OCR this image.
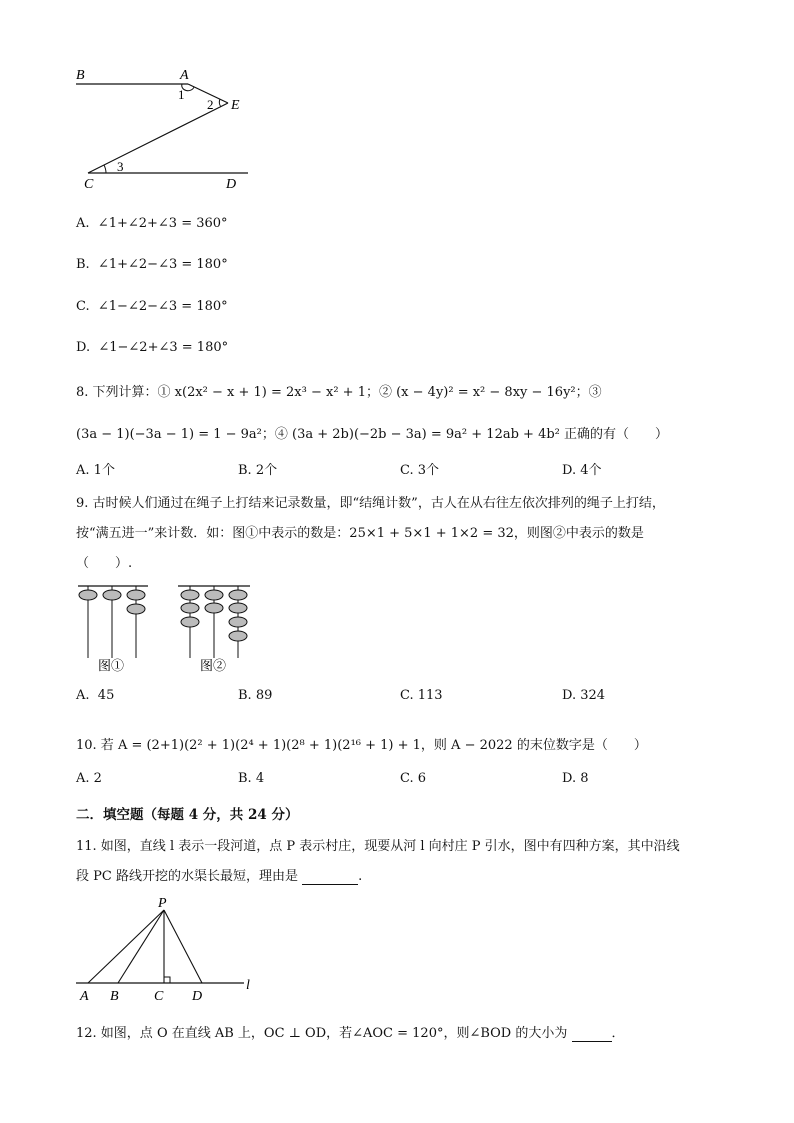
B	A
E
C	D
1
2
3
A. ∠1+∠2+∠3 = 360°
B. ∠1+∠2−∠3 = 180°
C. ∠1−∠2−∠3 = 180°
D. ∠1−∠2+∠3 = 180°
8. 下列计算：① x(2x² − x + 1) = 2x³ − x² + 1；② (x − 4y)² = x² − 8xy − 16y²；③
(3a − 1)(−3a − 1) = 1 − 9a²；④ (3a + 2b)(−2b − 3a) = 9a² + 12ab + 4b² 正确的有（　　）
A. 1个	B. 2个	C. 3个	D. 4个
9. 古时候人们通过在绳子上打结来记录数量，即“结绳计数”，古人在从右往左依次排列的绳子上打结，
按“满五进一”来计数．如：图①中表示的数是：25×1 + 5×1 + 1×2 = 32，则图②中表示的数是
（　　）.
图①	图②
A. 45	B. 89	C. 113	D. 324
10. 若 A = (2+1)(2² + 1)(2⁴ + 1)(2⁸ + 1)(2¹⁶ + 1) + 1，则 A − 2022 的末位数字是（　　）
A. 2	B. 4	C. 6	D. 8
二．填空题（每题 4 分，共 24 分）
11. 如图，直线 l 表示一段河道，点 P 表示村庄，现要从河 l 向村庄 P 引水，图中有四种方案，其中沿线
段 PC 路线开挖的水渠长最短，理由是	.
P
A B	C D
l
12. 如图，点 O 在直线 AB 上，OC ⊥ OD，若∠AOC = 120°，则∠BOD 的大小为	．
